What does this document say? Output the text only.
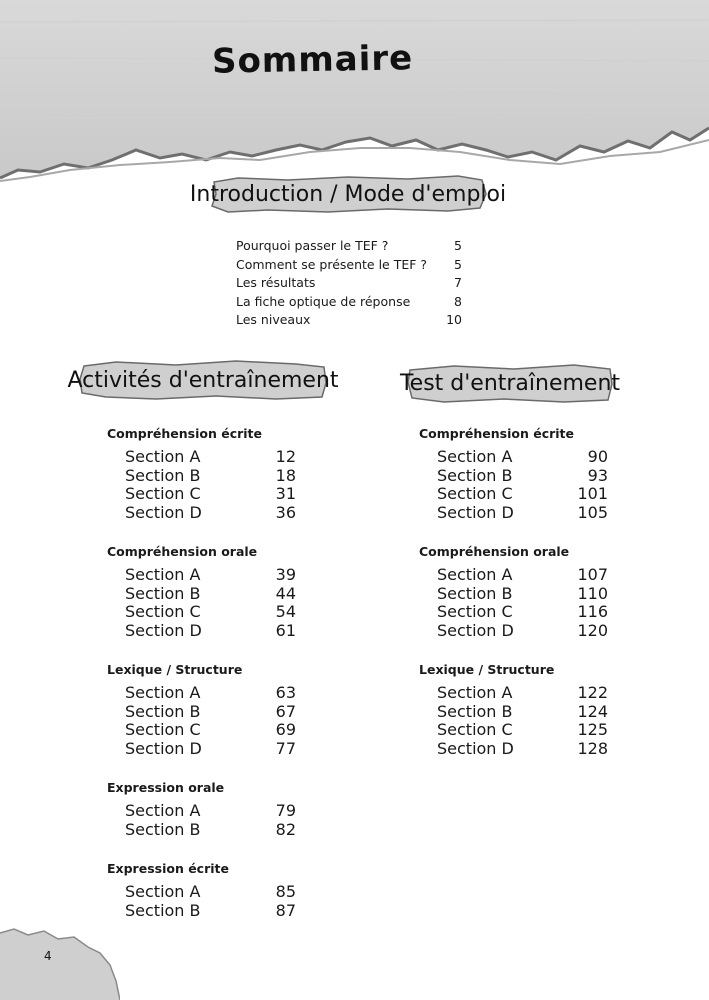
Sommaire
Introduction / Mode d'emploi
Pourquoi passer le TEF ?	5
Comment se présente le TEF ? 5
Les résultats	7
La fiche optique de réponse	8
Les niveaux	10
Activités d'entraînement	Test d'entraînement
Compréhension écrite
Section A	12
Section B	18
Section C	31
Section D	36
Compréhension orale
Section A	39
Section B	44
Section C	54
Section D	61
Lexique / Structure
Section A	63
Section B	67
Section C	69
Section D	77
Expression orale
Section A	79
Section B	82
Expression écrite
Section A	85
Section B	87
Compréhension écrite
Section A	90
Section B	93
Section C	101
Section D	105
Compréhension orale
Section A	107
Section B	110
Section C	116
Section D	120
Lexique / Structure
Section A	122
Section B	124
Section C	125
Section D	128
4
